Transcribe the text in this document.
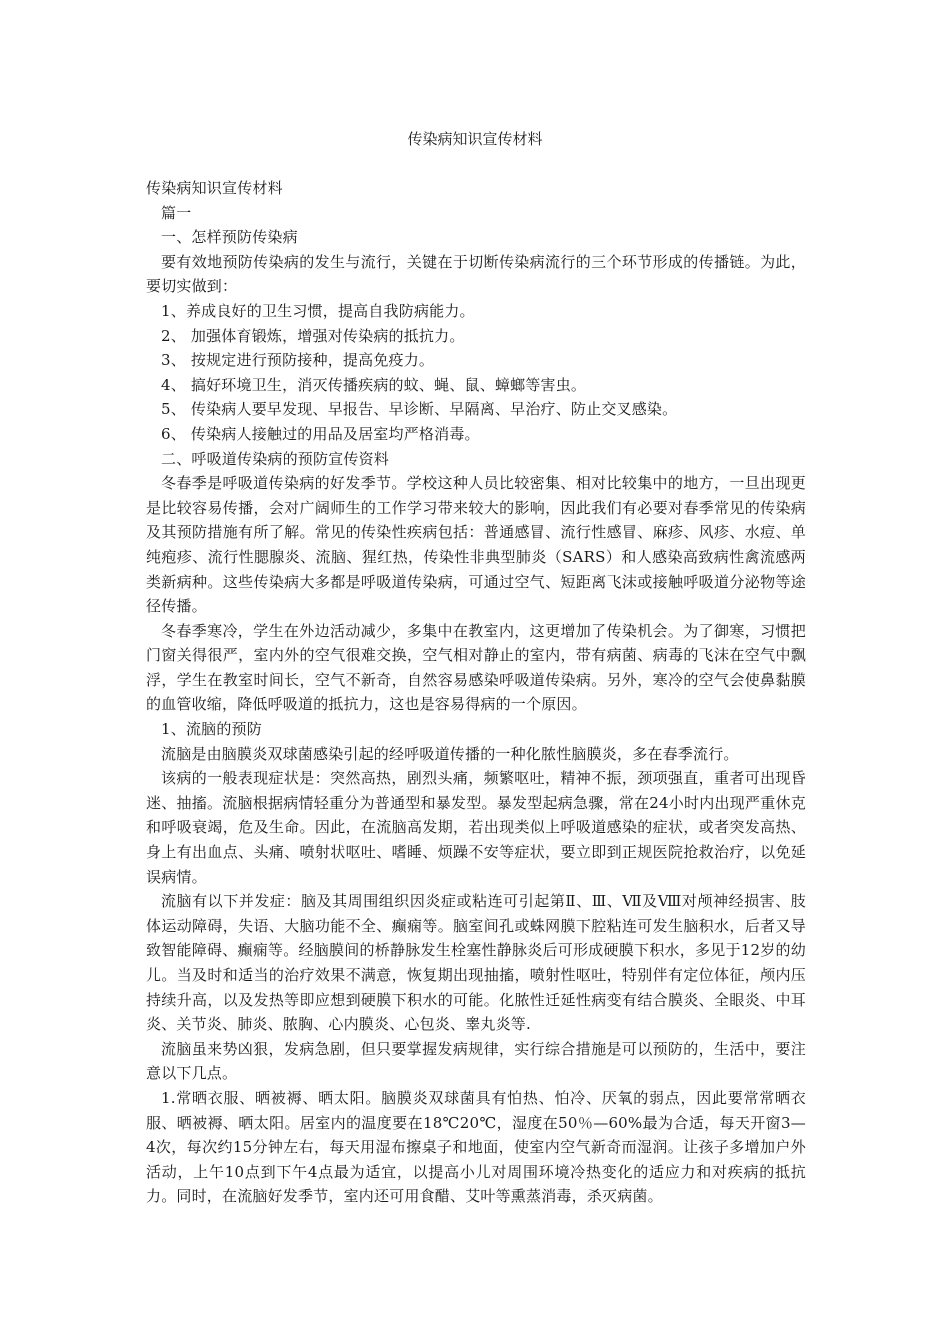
传染病知识宣传材料

传染病知识宣传材料

篇一

一、怎样预防传染病

要有效地预防传染病的发生与流行，关键在于切断传染病流行的三个环节形成的传播链。为此，要切实做到：

1、养成良好的卫生习惯，提高自我防病能力。

2、 加强体育锻炼，增强对传染病的抵抗力。

3、 按规定进行预防接种，提高免疫力。

4、 搞好环境卫生，消灭传播疾病的蚊、蝇、鼠、蟑螂等害虫。

5、 传染病人要早发现、早报告、早诊断、早隔离、早治疗、防止交叉感染。

6、 传染病人接触过的用品及居室均严格消毒。

二、呼吸道传染病的预防宣传资料

冬春季是呼吸道传染病的好发季节。学校这种人员比较密集、相对比较集中的地方，一旦出现更是比较容易传播，会对广阔师生的工作学习带来较大的影响，因此我们有必要对春季常见的传染病及其预防措施有所了解。常见的传染性疾病包括：普通感冒、流行性感冒、麻疹、风疹、水痘、单纯疱疹、流行性腮腺炎、流脑、猩红热，传染性非典型肺炎（SARS）和人感染高致病性禽流感两类新病种。这些传染病大多都是呼吸道传染病，可通过空气、短距离飞沫或接触呼吸道分泌物等途径传播。

冬春季寒冷，学生在外边活动减少，多集中在教室内，这更增加了传染机会。为了御寒，习惯把门窗关得很严，室内外的空气很难交换，空气相对静止的室内，带有病菌、病毒的飞沫在空气中飘浮，学生在教室时间长，空气不新奇，自然容易感染呼吸道传染病。另外，寒冷的空气会使鼻黏膜的血管收缩，降低呼吸道的抵抗力，这也是容易得病的一个原因。

1、流脑的预防

流脑是由脑膜炎双球菌感染引起的经呼吸道传播的一种化脓性脑膜炎，多在春季流行。

该病的一般表现症状是：突然高热，剧烈头痛，频繁呕吐，精神不振，颈项强直，重者可出现昏迷、抽搐。流脑根据病情轻重分为普通型和暴发型。暴发型起病急骤，常在24小时内出现严重休克和呼吸衰竭，危及生命。因此，在流脑高发期，若出现类似上呼吸道感染的症状，或者突发高热、身上有出血点、头痛、喷射状呕吐、嗜睡、烦躁不安等症状，要立即到正规医院抢救治疗，以免延误病情。

流脑有以下并发症：脑及其周围组织因炎症或粘连可引起第Ⅱ、Ⅲ、Ⅶ及Ⅷ对颅神经损害、肢体运动障碍，失语、大脑功能不全、癫痫等。脑室间孔或蛛网膜下腔粘连可发生脑积水，后者又导致智能障碍、癫痫等。经脑膜间的桥静脉发生栓塞性静脉炎后可形成硬膜下积水，多见于12岁的幼儿。当及时和适当的治疗效果不满意，恢复期出现抽搐，喷射性呕吐，特别伴有定位体征，颅内压持续升高，以及发热等即应想到硬膜下积水的可能。化脓性迁延性病变有结合膜炎、全眼炎、中耳炎、关节炎、肺炎、脓胸、心内膜炎、心包炎、睾丸炎等.

流脑虽来势凶狠，发病急剧，但只要掌握发病规律，实行综合措施是可以预防的，生活中，要注意以下几点。

1.常晒衣服、晒被褥、晒太阳。脑膜炎双球菌具有怕热、怕冷、厌氧的弱点，因此要常常晒衣服、晒被褥、晒太阳。居室内的温度要在18℃20℃，湿度在50％—60%最为合适，每天开窗3—4次，每次约15分钟左右，每天用湿布擦桌子和地面，使室内空气新奇而湿润。让孩子多增加户外活动，上午10点到下午4点最为适宜，以提高小儿对周围环境冷热变化的适应力和对疾病的抵抗力。同时，在流脑好发季节，室内还可用食醋、艾叶等熏蒸消毒，杀灭病菌。
